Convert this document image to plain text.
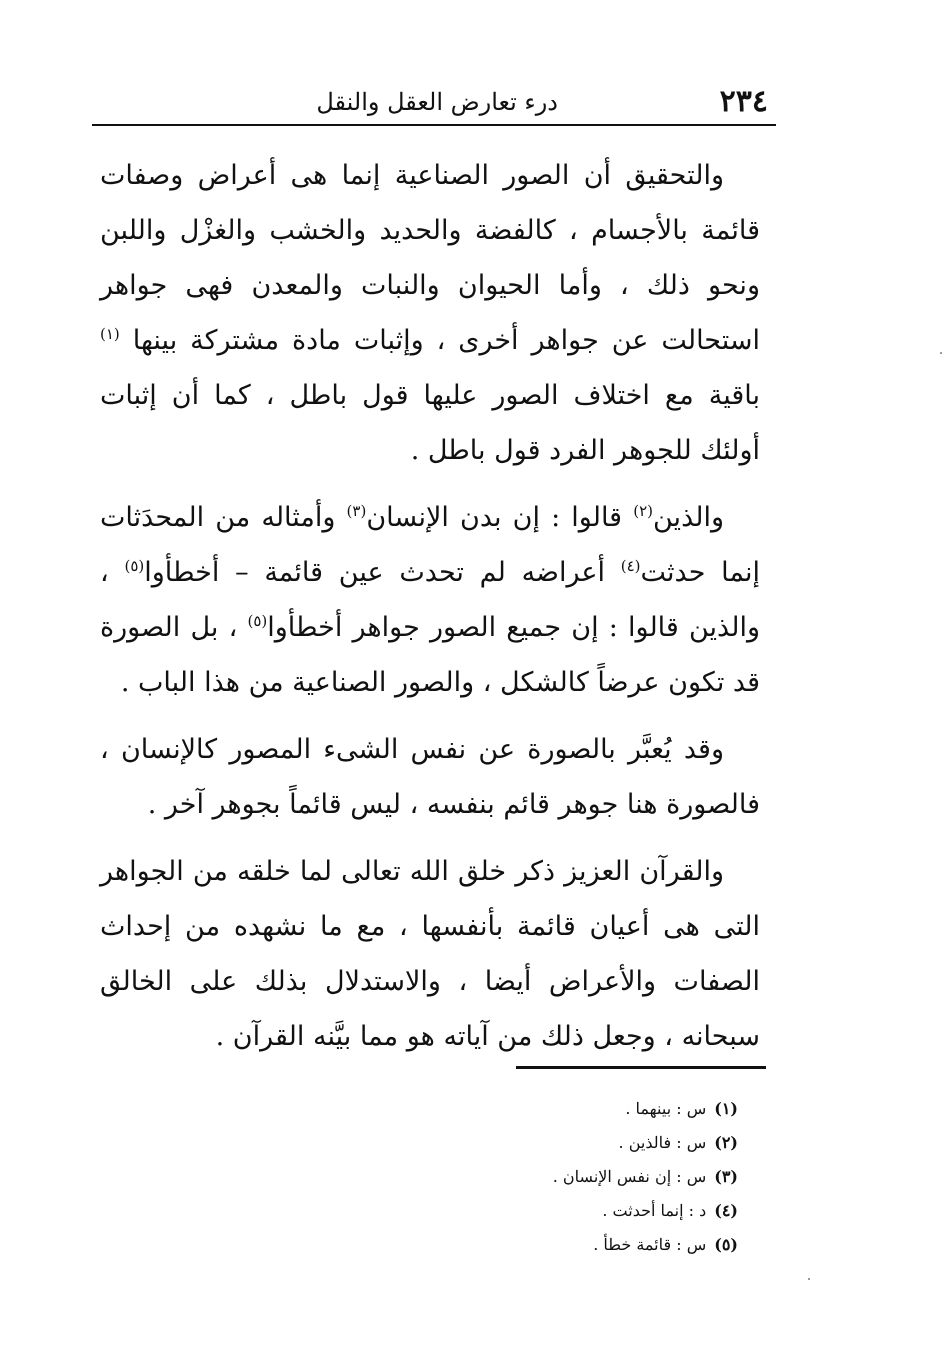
٢٣٤
درء تعارض العقل والنقل

والتحقيق أن الصور الصناعية إنما هى أعراض وصفات قائمة بالأجسام ، كالفضة والحديد والخشب والغزْل واللبن ونحو ذلك ، وأما الحيوان والنبات والمعدن فهى جواهر استحالت عن جواهر أخرى ، وإثبات مادة مشتركة بينها $^{(١)}$ باقية مع اختلاف الصور عليها قول باطل ، كما أن إثبات أولئك للجوهر الفرد قول باطل .

والذين$^{(٢)}$ قالوا : إن بدن الإنسان$^{(٣)}$ وأمثاله من المحدَثات إنما حدثت$^{(٤)}$ أعراضه لم تحدث عين قائمة – أخطأوا$^{(٥)}$ ، والذين قالوا : إن جميع الصور جواهر أخطأوا$^{(٥)}$ ، بل الصورة قد تكون عرضاً كالشكل ، والصور الصناعية من هذا الباب .

وقد يُعبَّر بالصورة عن نفس الشىء المصور كالإنسان ، فالصورة هنا جوهر قائم بنفسه ، ليس قائماً بجوهر آخر .

والقرآن العزيز ذكر خلق الله تعالى لما خلقه من الجواهر التى هى أعيان قائمة بأنفسها ، مع ما نشهده من إحداث الصفات والأعراض أيضا ، والاستدلال بذلك على الخالق سبحانه ، وجعل ذلك من آياته هو مما بيَّنه القرآن .

(١)س : بينهما .
(٢)س : فالذين .
(٣)س : إن نفس الإنسان .
(٤)د : إنما أحدثت .
(٥)س : قائمة خطأ .
